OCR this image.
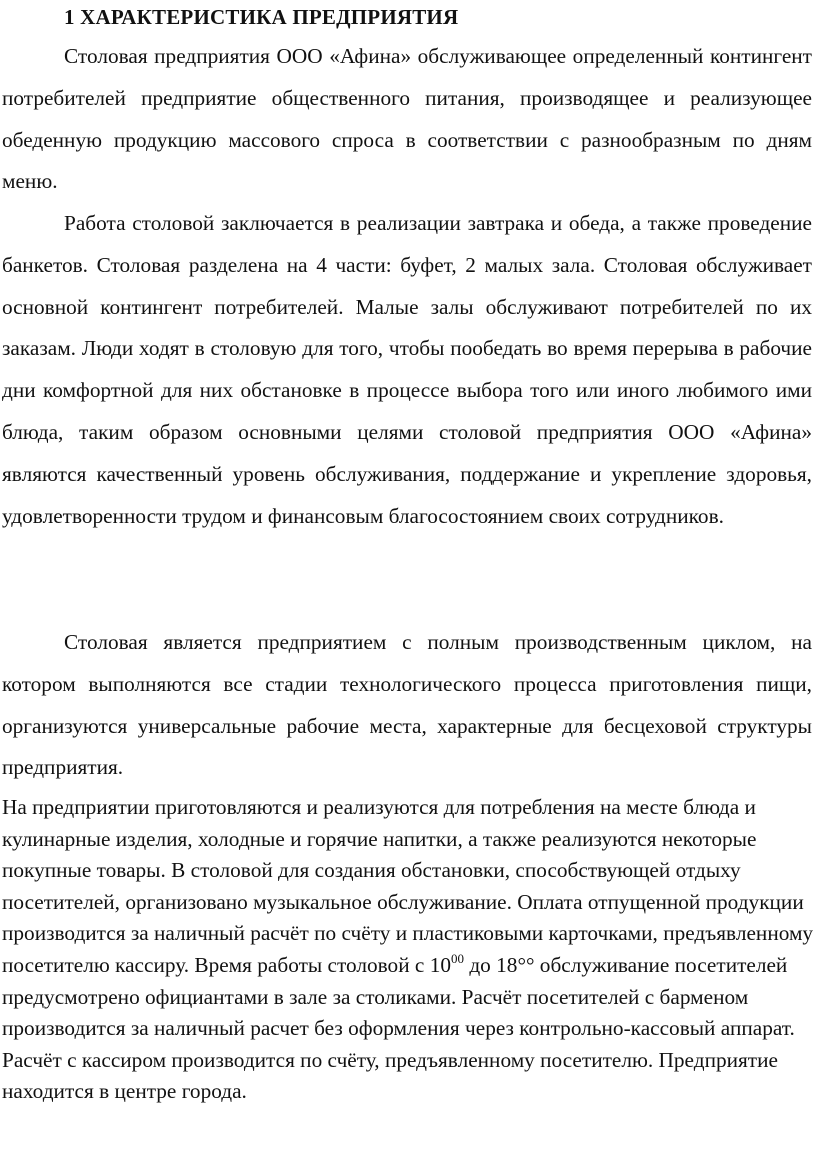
1 ХАРАКТЕРИСТИКА ПРЕДПРИЯТИЯ

Столовая предприятия ООО «Афина» обслуживающее определенный контингент потребителей предприятие общественного питания, производящее и реализующее обеденную продукцию массового спроса в соответствии с разнообразным по дням меню.

Работа столовой заключается в реализации завтрака и обеда, а также проведение банкетов. Столовая разделена на 4 части: буфет, 2 малых зала. Столовая обслуживает основной контингент потребителей. Малые залы обслуживают потребителей по их заказам. Люди ходят в столовую для того, чтобы пообедать во время перерыва в рабочие дни комфортной для них обстановке в процессе выбора того или иного любимого ими блюда, таким образом основными целями столовой предприятия ООО «Афина» являются качественный уровень обслуживания, поддержание и укрепление здоровья, удовлетворенности трудом и финансовым благосостоянием своих сотрудников.

Столовая является предприятием с полным производственным циклом, на котором выполняются все стадии технологического процесса приготовления пищи, организуются универсальные рабочие места, характерные для бесцеховой структуры предприятия.

На предприятии приготовляются и реализуются для потребления на месте блюда и кулинарные изделия, холодные и горячие напитки, а также реализуются некоторые покупные товары. В столовой для создания обстановки, способствующей отдыху посетителей, организовано музыкальное обслуживание. Оплата отпущенной продукции производится за наличный расчёт по счёту и пластиковыми карточками, предъявленному посетителю кассиру. Время работы столовой с $10^{00}$ до 18°° обслуживание посетителей предусмотрено официантами в зале за столиками. Расчёт посетителей с барменом производится за наличный расчет без оформления через контрольно-кассовый аппарат. Расчёт с кассиром производится по счёту, предъявленному посетителю. Предприятие находится в центре города.
